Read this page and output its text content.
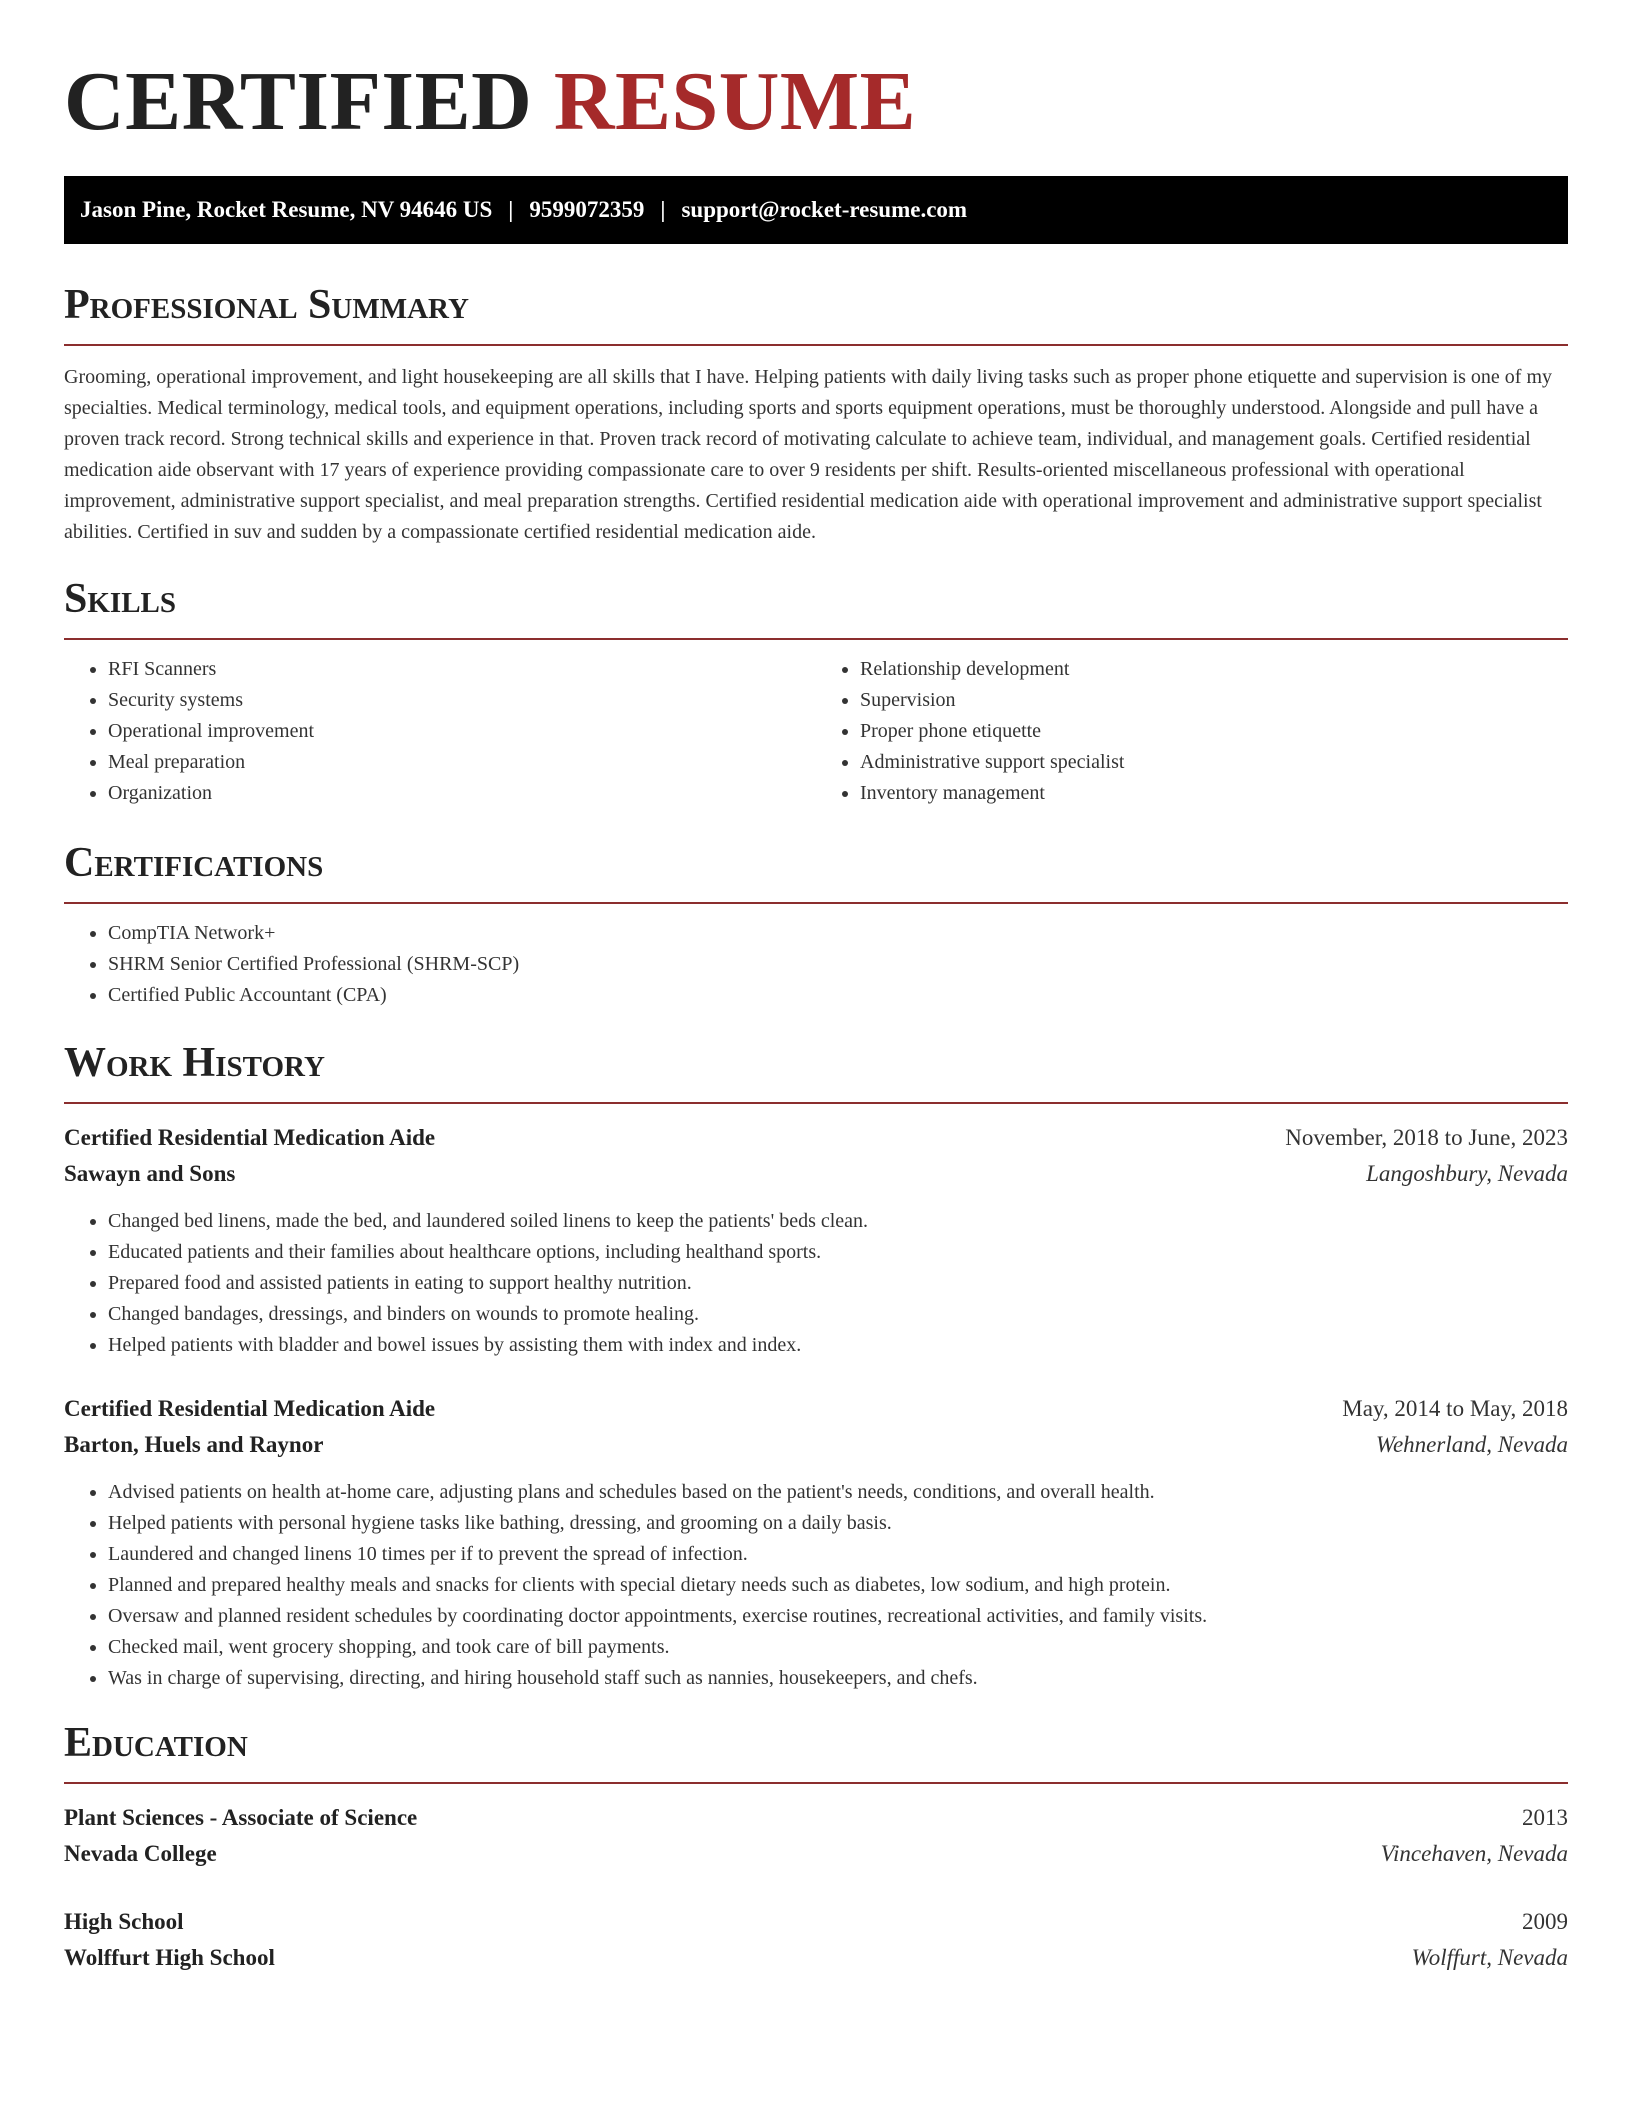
CERTIFIED RESUME
Jason Pine, Rocket Resume, NV 94646 US | 9599072359 | support@rocket-resume.com
Professional Summary

Grooming, operational improvement, and light housekeeping are all skills that I have. Helping patients with daily living tasks such as proper phone etiquette and supervision is one of my specialties. Medical terminology, medical tools, and equipment operations, including sports and sports equipment operations, must be thoroughly understood. Alongside and pull have a proven track record. Strong technical skills and experience in that. Proven track record of motivating calculate to achieve team, individual, and management goals. Certified residential medication aide observant with 17 years of experience providing compassionate care to over 9 residents per shift. Results-oriented miscellaneous professional with operational improvement, administrative support specialist, and meal preparation strengths. Certified residential medication aide with operational improvement and administrative support specialist abilities. Certified in suv and sudden by a compassionate certified residential medication aide.

Skills
• RFI Scanners
• Security systems
• Operational improvement
• Meal preparation
• Organization
• Relationship development
• Supervision
• Proper phone etiquette
• Administrative support specialist
• Inventory management
Certifications
• CompTIA Network+
• SHRM Senior Certified Professional (SHRM-SCP)
• Certified Public Accountant (CPA)
Work History
Certified Residential Medication Aide	November, 2018 to June, 2023
Sawayn and Sons	Langoshbury, Nevada
• Changed bed linens, made the bed, and laundered soiled linens to keep the patients' beds clean.
• Educated patients and their families about healthcare options, including healthand sports.
• Prepared food and assisted patients in eating to support healthy nutrition.
• Changed bandages, dressings, and binders on wounds to promote healing.
• Helped patients with bladder and bowel issues by assisting them with index and index.
Certified Residential Medication Aide	May, 2014 to May, 2018
Barton, Huels and Raynor	Wehnerland, Nevada
• Advised patients on health at-home care, adjusting plans and schedules based on the patient's needs, conditions, and overall health.
• Helped patients with personal hygiene tasks like bathing, dressing, and grooming on a daily basis.
• Laundered and changed linens 10 times per if to prevent the spread of infection.
• Planned and prepared healthy meals and snacks for clients with special dietary needs such as diabetes, low sodium, and high protein.
• Oversaw and planned resident schedules by coordinating doctor appointments, exercise routines, recreational activities, and family visits.
• Checked mail, went grocery shopping, and took care of bill payments.
• Was in charge of supervising, directing, and hiring household staff such as nannies, housekeepers, and chefs.
Education
Plant Sciences - Associate of Science	2013
Nevada College	Vincehaven, Nevada
High School	2009
Wolffurt High School	Wolffurt, Nevada
